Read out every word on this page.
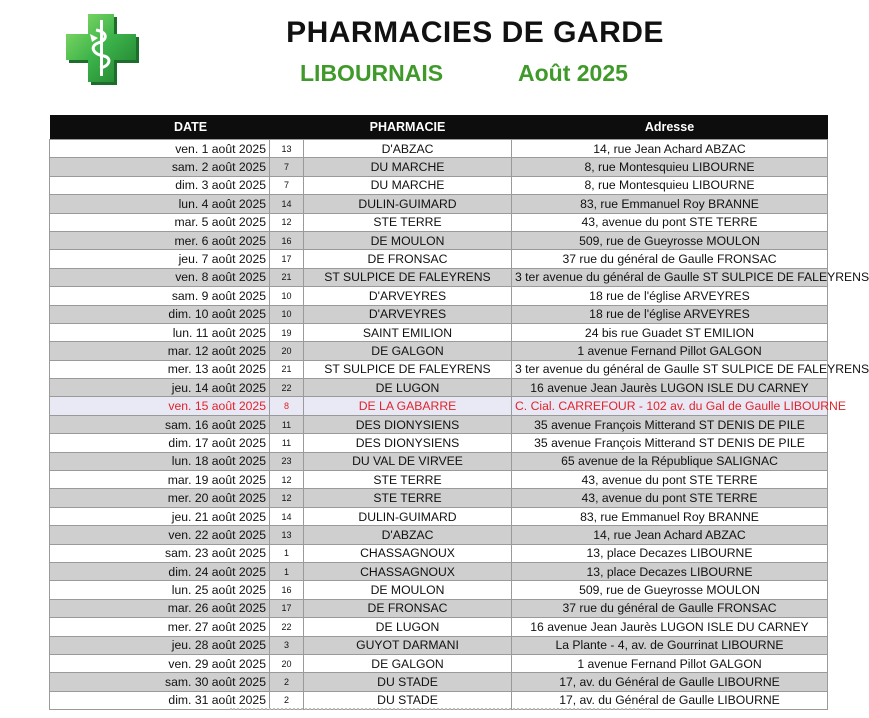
PHARMACIES DE GARDE
LIBOURNAIS	Août 2025
DATE		PHARMACIE	Adresse
ven. 1 août 2025	13	D'ABZAC	14, rue Jean Achard ABZAC
sam. 2 août 2025	7	DU MARCHE	8, rue Montesquieu LIBOURNE
dim. 3 août 2025	7	DU MARCHE	8, rue Montesquieu LIBOURNE
lun. 4 août 2025	14	DULIN-GUIMARD	83, rue Emmanuel Roy BRANNE
mar. 5 août 2025	12	STE TERRE	43, avenue du pont STE TERRE
mer. 6 août 2025	16	DE MOULON	509, rue de Gueyrosse MOULON
jeu. 7 août 2025	17	DE FRONSAC	37 rue du général de Gaulle FRONSAC
ven. 8 août 2025	21	ST SULPICE DE FALEYRENS	3 ter avenue du général de Gaulle ST SULPICE DE FALEYRENS
sam. 9 août 2025	10	D'ARVEYRES	18 rue de l'église ARVEYRES
dim. 10 août 2025	10	D'ARVEYRES	18 rue de l'église ARVEYRES
lun. 11 août 2025	19	SAINT EMILION	24 bis rue Guadet ST EMILION
mar. 12 août 2025	20	DE GALGON	1 avenue Fernand Pillot GALGON
mer. 13 août 2025	21	ST SULPICE DE FALEYRENS	3 ter avenue du général de Gaulle ST SULPICE DE FALEYRENS
jeu. 14 août 2025	22	DE LUGON	16 avenue Jean Jaurès LUGON ISLE DU CARNEY
ven. 15 août 2025	8	DE LA GABARRE	C. Cial. CARREFOUR - 102 av. du Gal de Gaulle LIBOURNE
sam. 16 août 2025	11	DES DIONYSIENS	35 avenue François Mitterand ST DENIS DE PILE
dim. 17 août 2025	11	DES DIONYSIENS	35 avenue François Mitterand ST DENIS DE PILE
lun. 18 août 2025	23	DU VAL DE VIRVEE	65 avenue de la République SALIGNAC
mar. 19 août 2025	12	STE TERRE	43, avenue du pont STE TERRE
mer. 20 août 2025	12	STE TERRE	43, avenue du pont STE TERRE
jeu. 21 août 2025	14	DULIN-GUIMARD	83, rue Emmanuel Roy BRANNE
ven. 22 août 2025	13	D'ABZAC	14, rue Jean Achard ABZAC
sam. 23 août 2025	1	CHASSAGNOUX	13, place Decazes LIBOURNE
dim. 24 août 2025	1	CHASSAGNOUX	13, place Decazes LIBOURNE
lun. 25 août 2025	16	DE MOULON	509, rue de Gueyrosse MOULON
mar. 26 août 2025	17	DE FRONSAC	37 rue du général de Gaulle FRONSAC
mer. 27 août 2025	22	DE LUGON	16 avenue Jean Jaurès LUGON ISLE DU CARNEY
jeu. 28 août 2025	3	GUYOT DARMANI	La Plante - 4, av. de Gourrinat LIBOURNE
ven. 29 août 2025	20	DE GALGON	1 avenue Fernand Pillot GALGON
sam. 30 août 2025	2	DU STADE	17, av. du Général de Gaulle LIBOURNE
dim. 31 août 2025	2	DU STADE	17, av. du Général de Gaulle LIBOURNE
